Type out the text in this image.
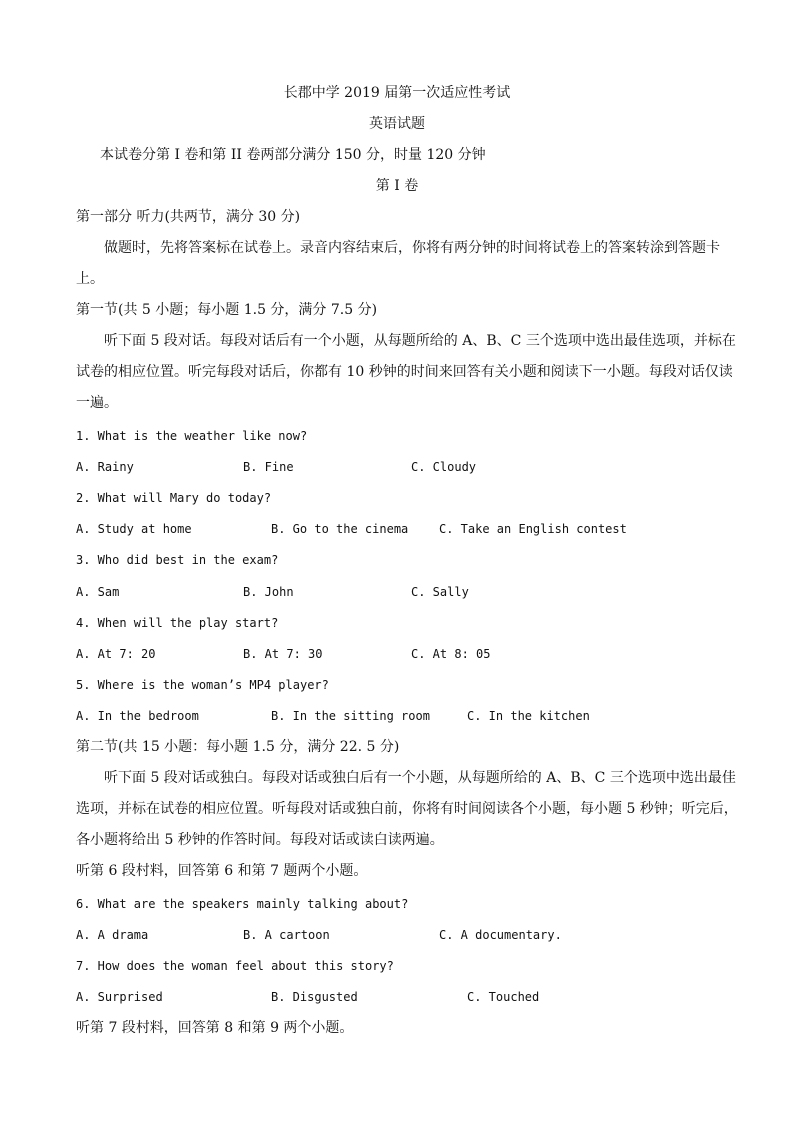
长郡中学 2019 届第一次适应性考试
英语试题
本试卷分第 I 卷和第 II 卷两部分满分 150 分，时量 120 分钟
第 I 卷
第一部分 听力(共两节，满分 30 分)
做题时，先将答案标在试卷上。录音内容结束后，你将有两分钟的时间将试卷上的答案转涂到答题卡
上。
第一节(共 5 小题；每小题 1.5 分，满分 7.5 分)
听下面 5 段对话。每段对话后有一个小题，从每题所给的 A、B、C 三个选项中选出最佳选项，并标在
试卷的相应位置。听完每段对话后，你都有 10 秒钟的时间来回答有关小题和阅读下一小题。每段对话仅读
一遍。
1. What is the weather like now?
A. Rainy	B. Fine	C. Cloudy
2. What will Mary do today?
A. Study at home	B. Go to the cinema	C. Take an English contest
3. Who did best in the exam?
A. Sam	B. John	C. Sally
4. When will the play start?
A. At 7: 20	B. At 7: 30	C. At 8: 05
5. Where is the woman’s MP4 player?
A. In the bedroom	B. In the sitting room	C. In the kitchen
第二节(共 15 小题：每小题 1.5 分，满分 22. 5 分)
听下面 5 段对话或独白。每段对话或独白后有一个小题，从每题所给的 A、B、C 三个选项中选出最佳
选项，并标在试卷的相应位置。听每段对话或独白前，你将有时间阅读各个小题，每小题 5 秒钟；听完后，
各小题将给出 5 秒钟的作答时间。每段对话或读白读两遍。
听第 6 段村料，回答第 6 和第 7 题两个小题。
6. What are the speakers mainly talking about?
A. A drama	B. A cartoon	C. A documentary.
7. How does the woman feel about this story?
A. Surprised	B. Disgusted	C. Touched
听第 7 段村料，回答第 8 和第 9 两个小题。
